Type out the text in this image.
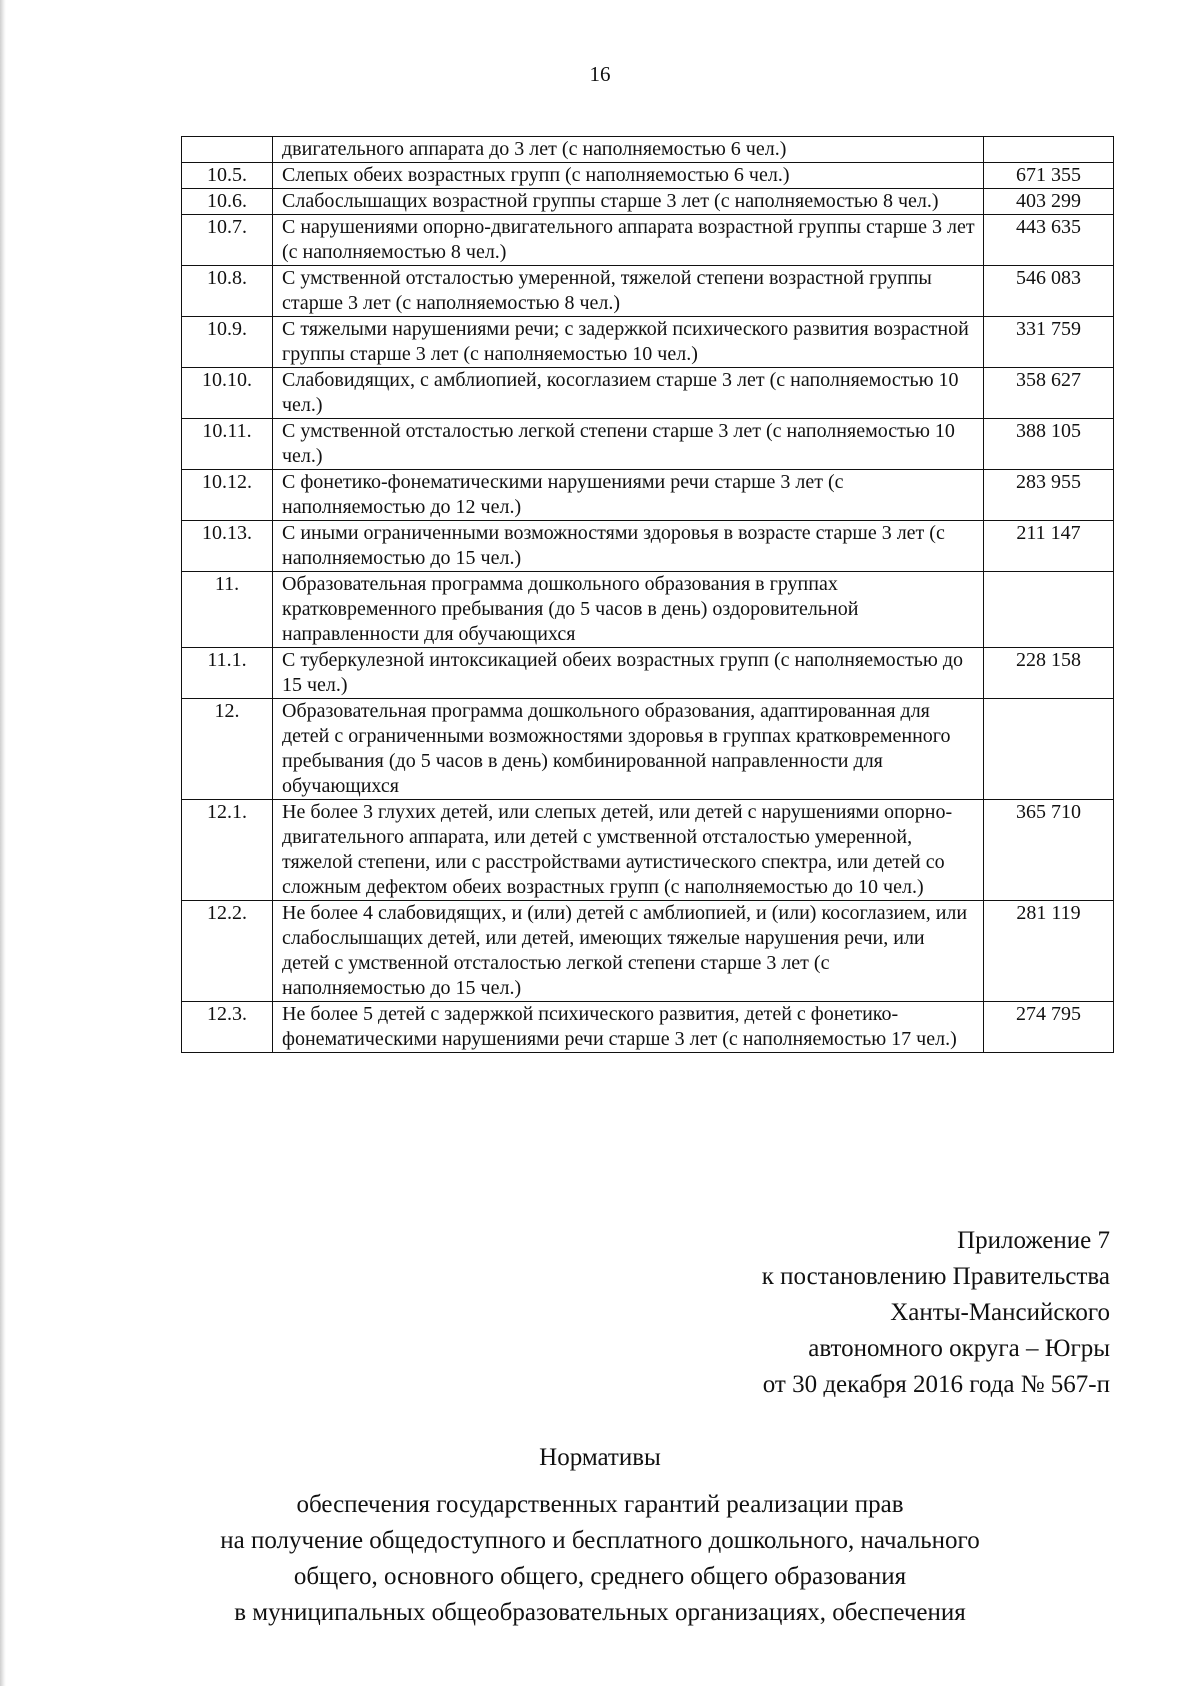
16
	двигательного аппарата до 3 лет (с наполняемостью 6 чел.)	
10.5.	Слепых обеих возрастных групп (с наполняемостью 6 чел.)	671 355
10.6.	Слабослышащих возрастной группы старше 3 лет (с наполняемостью 8 чел.)	403 299
10.7.	С нарушениями опорно-двигательного аппарата возрастной группы старше 3 лет (с наполняемостью 8 чел.)	443 635
10.8.	С умственной отсталостью умеренной, тяжелой степени возрастной группы старше 3 лет (с наполняемостью 8 чел.)	546 083
10.9.	С тяжелыми нарушениями речи; с задержкой психического развития возрастной группы старше 3 лет (с наполняемостью 10 чел.)	331 759
10.10.	Слабовидящих, с амблиопией, косоглазием старше 3 лет (с наполняемостью 10 чел.)	358 627
10.11.	С умственной отсталостью легкой степени старше 3 лет (с наполняемостью 10 чел.)	388 105
10.12.	С фонетико-фонематическими нарушениями речи старше 3 лет (с наполняемостью до 12 чел.)	283 955
10.13.	С иными ограниченными возможностями здоровья в возрасте старше 3 лет (с наполняемостью до 15 чел.)	211 147
11.	Образовательная программа дошкольного образования в группах кратковременного пребывания (до 5 часов в день) оздоровительной направленности для обучающихся	
11.1.	С туберкулезной интоксикацией обеих возрастных групп (с наполняемостью до 15 чел.)	228 158
12.	Образовательная программа дошкольного образования, адаптированная для детей с ограниченными возможностями здоровья в группах кратковременного пребывания (до 5 часов в день) комбинированной направленности для обучающихся	
12.1.	Не более 3 глухих детей, или слепых детей, или детей с нарушениями опорно-двигательного аппарата, или детей с умственной отсталостью умеренной, тяжелой степени, или с расстройствами аутистического спектра, или детей со сложным дефектом обеих возрастных групп (с наполняемостью до 10 чел.)	365 710
12.2.	Не более 4 слабовидящих, и (или) детей с амблиопией, и (или) косоглазием, или слабослышащих детей, или детей, имеющих тяжелые нарушения речи, или детей с умственной отсталостью легкой степени старше 3 лет (с наполняемостью до 15 чел.)	281 119
12.3.	Не более 5 детей с задержкой психического развития, детей с фонетико-фонематическими нарушениями речи старше 3 лет (с наполняемостью 17 чел.)	274 795
Приложение 7
к постановлению Правительства
Ханты-Мансийского
автономного округа – Югры
от 30 декабря 2016 года № 567-п
Нормативы
обеспечения государственных гарантий реализации прав
на получение общедоступного и бесплатного дошкольного, начального
общего, основного общего, среднего общего образования
в муниципальных общеобразовательных организациях, обеспечения
